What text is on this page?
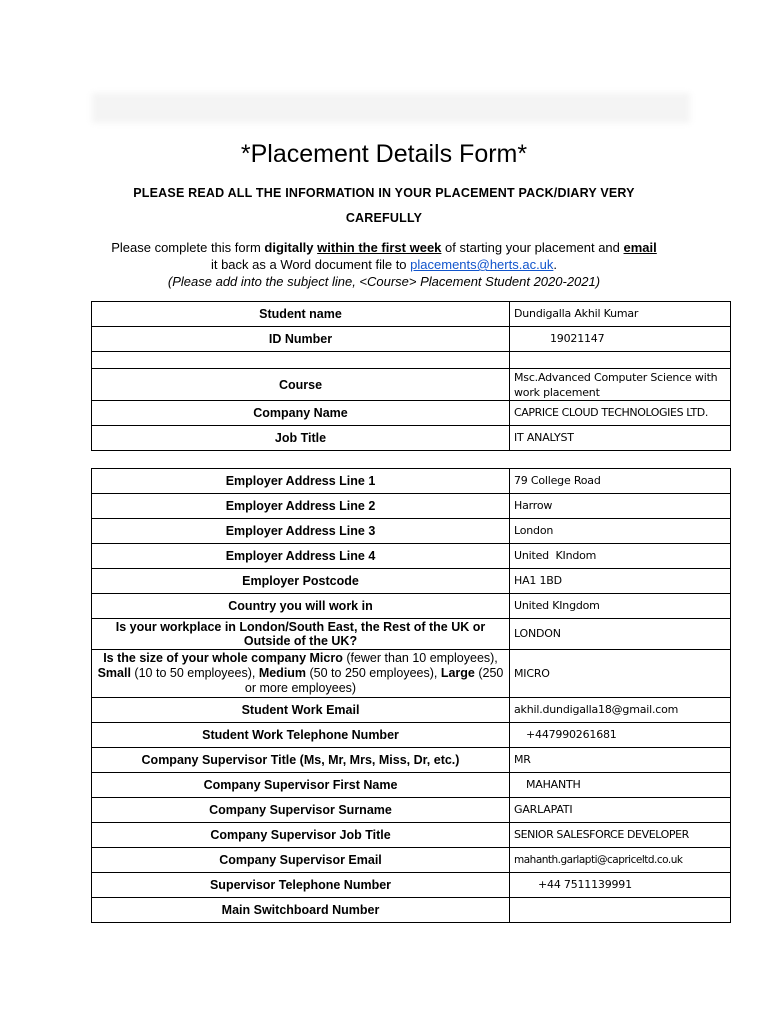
*Placement Details Form*
PLEASE READ ALL THE INFORMATION IN YOUR PLACEMENT PACK/DIARY VERY
CAREFULLY
Please complete this form digitally within the first week of starting your placement and email
it back as a Word document file to placements@herts.ac.uk.
(Please add into the subject line, <Course> Placement Student 2020-2021)
Student name	Dundigalla Akhil Kumar
ID Number	19021147

Course	Msc.Advanced Computer Science with work placement
Company Name	CAPRICE CLOUD TECHNOLOGIES LTD.
Job Title	IT ANALYST
Employer Address Line 1	79 College Road
Employer Address Line 2	Harrow
Employer Address Line 3	London
Employer Address Line 4	United  KIndom
Employer Postcode	HA1 1BD
Country you will work in	United KIngdom
Is your workplace in London/South East, the Rest of the UK or Outside of the UK?	LONDON
Is the size of your whole company Micro (fewer than 10 employees), Small (10 to 50 employees), Medium (50 to 250 employees), Large (250 or more employees)	MICRO
Student Work Email	akhil.dundigalla18@gmail.com
Student Work Telephone Number	+447990261681
Company Supervisor Title (Ms, Mr, Mrs, Miss, Dr, etc.)	MR
Company Supervisor First Name	MAHANTH
Company Supervisor Surname	GARLAPATI
Company Supervisor Job Title	SENIOR SALESFORCE DEVELOPER
Company Supervisor Email	mahanth.garlapti@capriceltd.co.uk
Supervisor Telephone Number	+44 7511139991
Main Switchboard Number	
